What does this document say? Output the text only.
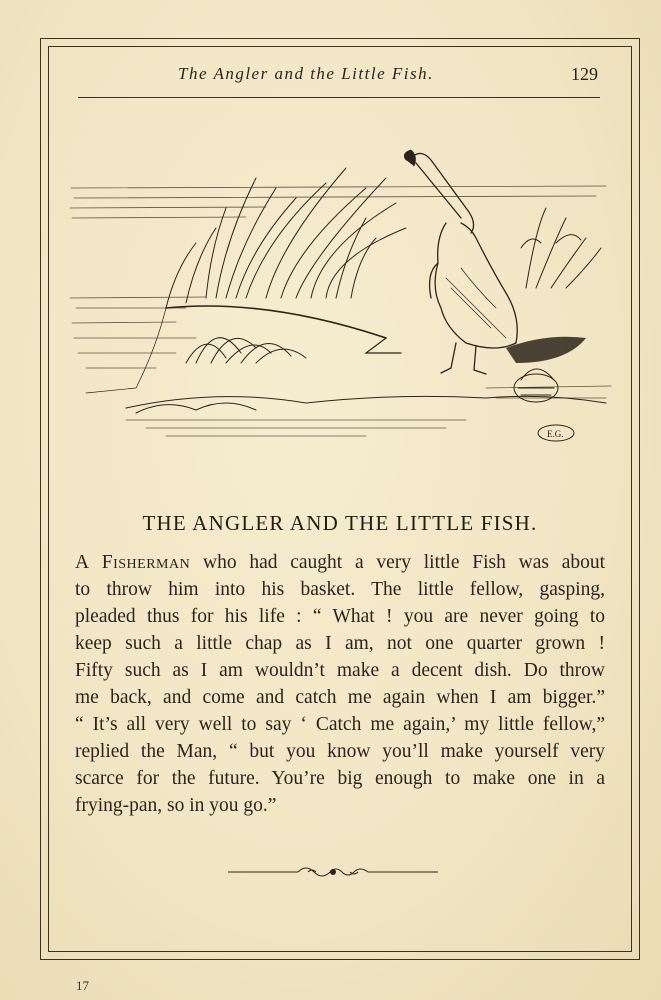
The Angler and the Little Fish.	129
E.G.
THE ANGLER AND THE LITTLE FISH.
A Fisherman who had caught a very little Fish was about
to throw him into his basket. The little fellow, gasping,
pleaded thus for his life : “ What ! you are never going to
keep such a little chap as I am, not one quarter grown !
Fifty such as I am wouldn’t make a decent dish. Do throw
me back, and come and catch me again when I am bigger.”
“ It’s all very well to say ‘ Catch me again,’ my little fellow,”
replied the Man, “ but you know you’ll make yourself very
scarce for the future. You’re big enough to make one in a
frying-pan, so in you go.”
17
